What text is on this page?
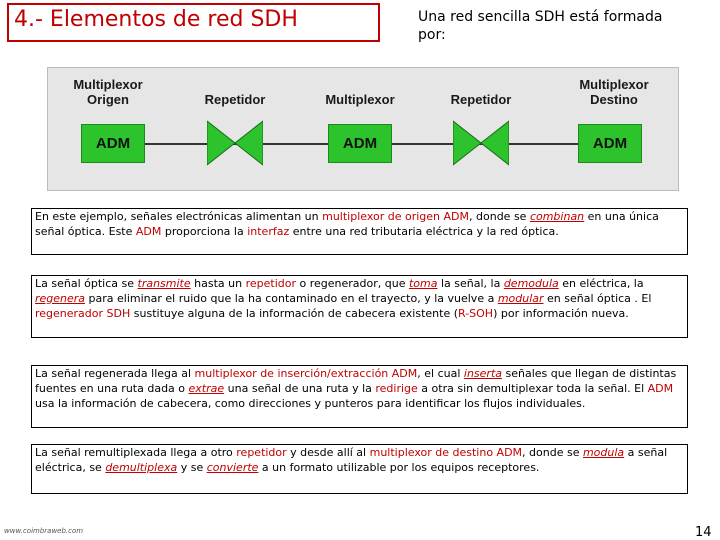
4.- Elementos de red SDH	Una red sencilla SDH está formada por:
Multiplexor
Origen	Repetidor	Multiplexor	Repetidor
Multiplexor
Destino
ADM	ADM	ADM
En este ejemplo, señales electrónicas alimentan un multiplexor de origen ADM, donde se combinan en una única señal óptica. Este ADM proporciona la interfaz entre una red tributaria eléctrica y la red óptica.
La señal óptica se transmite hasta un repetidor o regenerador, que toma la señal, la demodula en eléctrica, la regenera para eliminar el ruido que la ha contaminado en el trayecto, y la vuelve a modular en señal óptica . El regenerador SDH sustituye alguna de la información de cabecera existente (R-SOH) por información nueva.
La señal regenerada llega al multiplexor de inserción/extracción ADM, el cual inserta señales que llegan de distintas fuentes en una ruta dada o extrae una señal de una ruta y la redirige a otra sin demultiplexar toda la señal. El ADM usa la información de cabecera, como direcciones y punteros para identificar los flujos individuales.
La señal remultiplexada llega a otro repetidor y desde allí al multiplexor de destino ADM, donde se modula a señal eléctrica, se demultiplexa y se convierte a un formato utilizable por los equipos receptores.
www.coimbraweb.com	14
